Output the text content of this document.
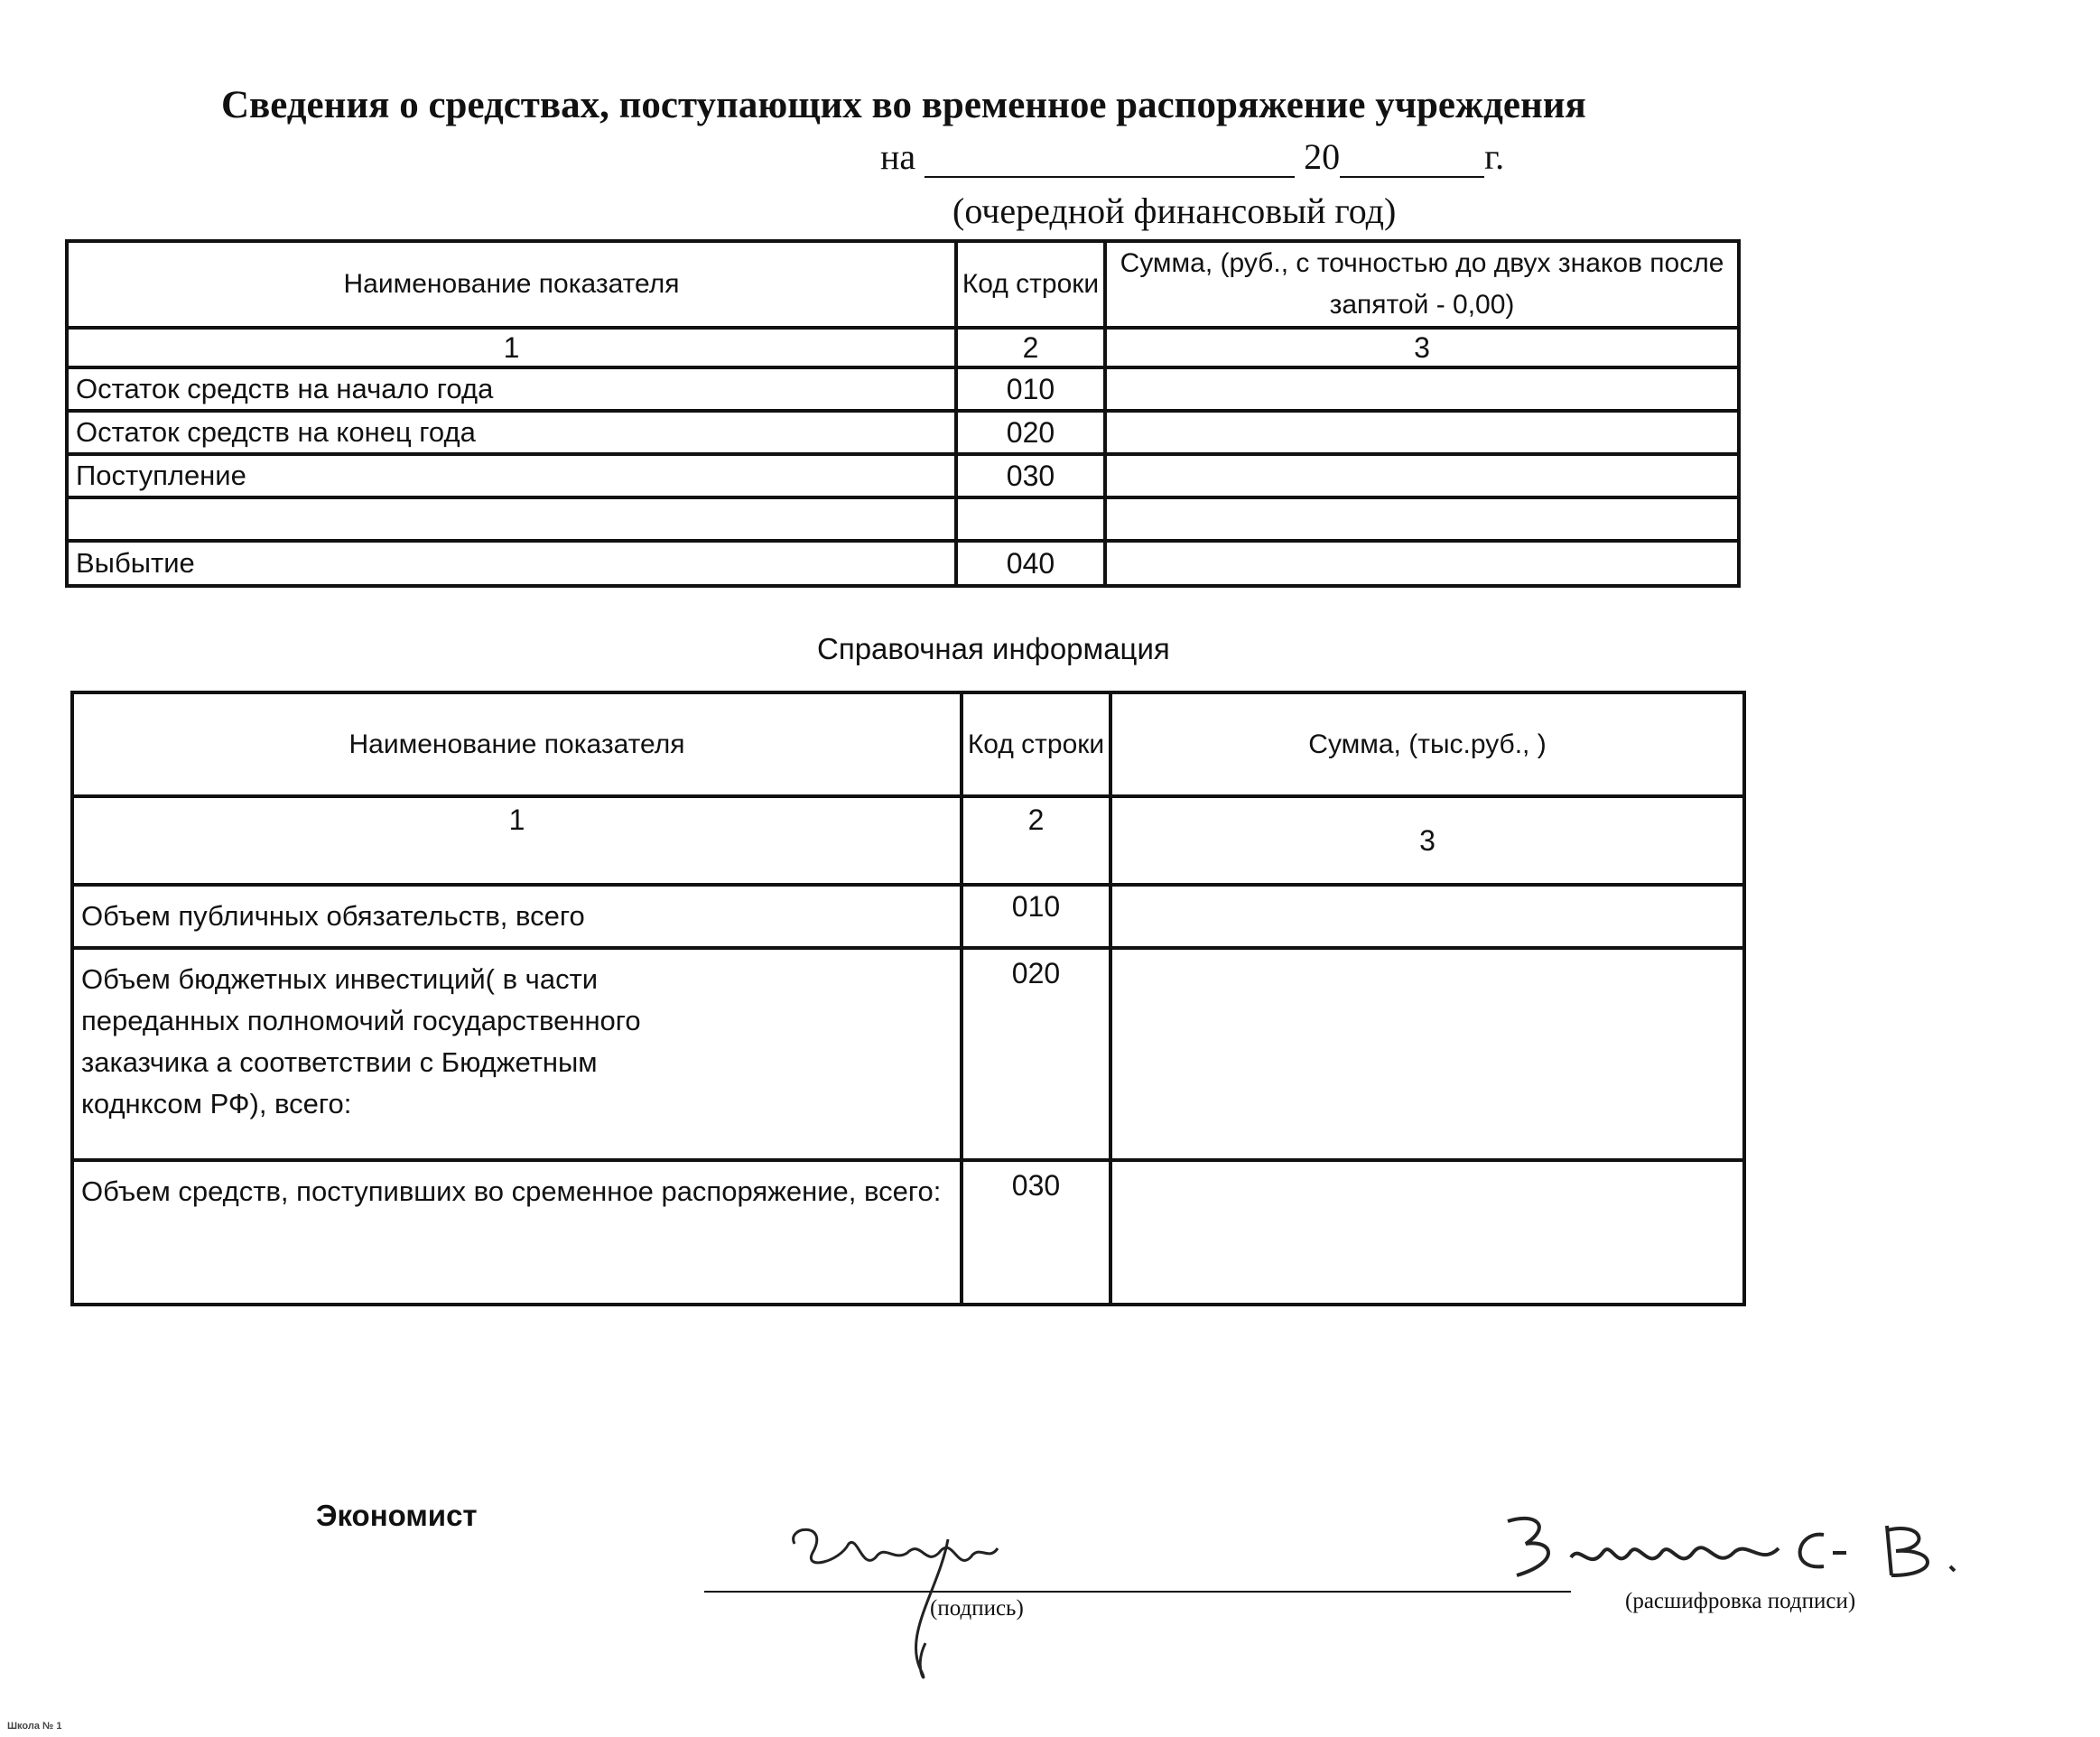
Сведения о средствах, поступающих во временное распоряжение учреждения
на	20	г.
(очередной финансовый год)
Наименование показателя	Код строки	Сумма, (руб., с точностью до двух знаков после запятой - 0,00)
1	2	3
Остаток средств на начало года	010	
Остаток средств на конец года	020	
Поступление	030	

Выбытие	040	
Справочная информация
Наименование показателя	Код строки	Сумма, (тыс.руб., )
1	2	3
Объем публичных обязательств, всего	010	
Объем бюджетных инвестиций( в части переданных полномочий государственного заказчика а соответствии с Бюджетным коднксом РФ), всего:	020	
Объем средств, поступивших во сременное распоряжение, всего:	030	
Экономист
(подпись)	(расшифровка подписи)
Школа № 1
